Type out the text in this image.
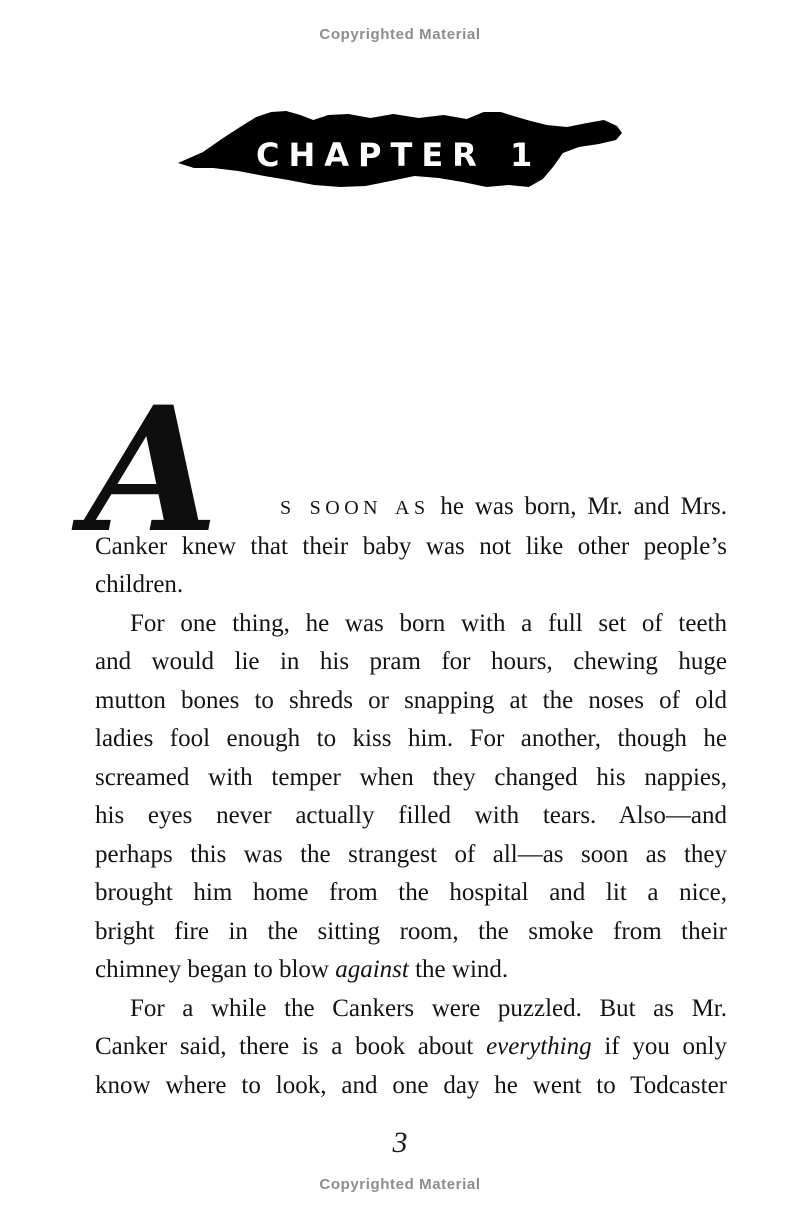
Copyrighted Material
CHAPTER 1
A	S SOON AS he was born, Mr. and Mrs.
Canker knew that their baby was not like other people’s
children.
For one thing, he was born with a full set of teeth
and would lie in his pram for hours, chewing huge
mutton bones to shreds or snapping at the noses of old
ladies fool enough to kiss him. For another, though he
screamed with temper when they changed his nappies,
his eyes never actually filled with tears. Also—and
perhaps this was the strangest of all—as soon as they
brought him home from the hospital and lit a nice,
bright fire in the sitting room, the smoke from their
chimney began to blow against the wind.
For a while the Cankers were puzzled. But as Mr.
Canker said, there is a book about everything if you only
know where to look, and one day he went to Todcaster
3
Copyrighted Material
